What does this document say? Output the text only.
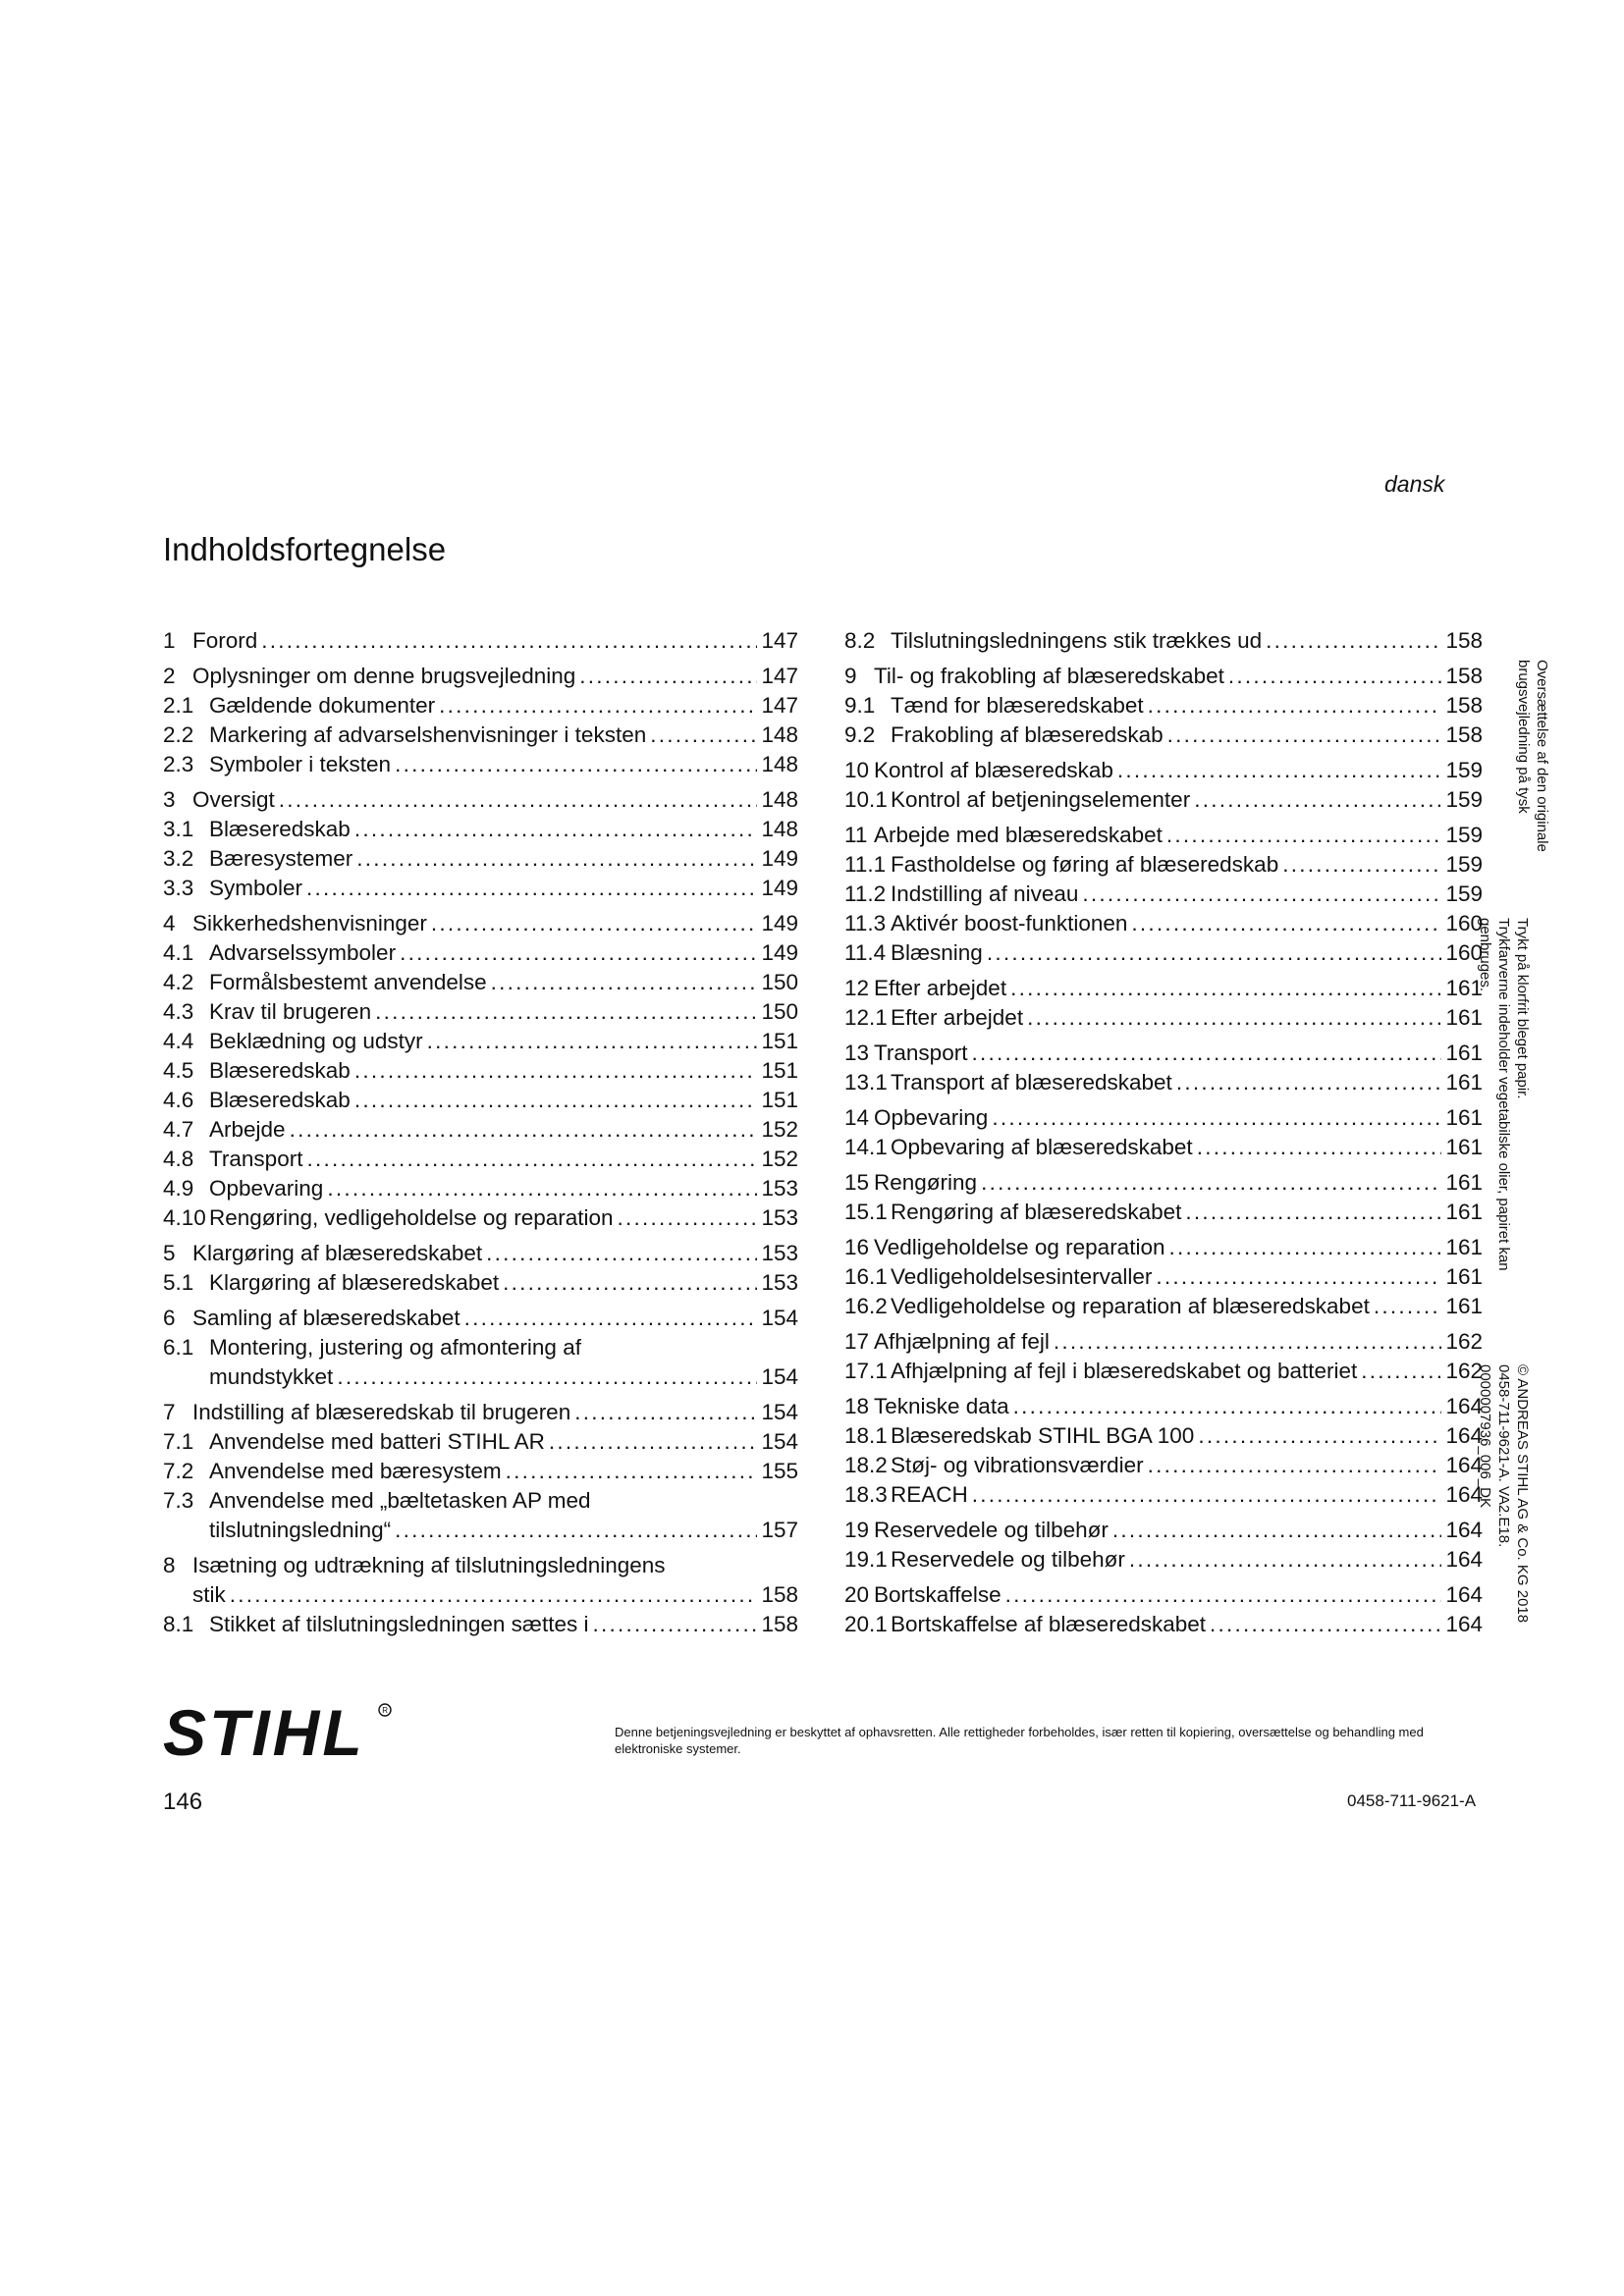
dansk
Indholdsfortegnelse
1 Forord . . .	147
2 Oplysninger om denne brugsvejledning . . .	147
2.1 Gældende dokumenter . . .	147
2.2 Markering af advarselshenvisninger i teksten . . .	148
2.3 Symboler i teksten . . .	148
3 Oversigt . . .	148
3.1 Blæseredskab . . .	148
3.2 Bæresystemer . . .	149
3.3 Symboler . . .	149
4 Sikkerhedshenvisninger . . .	149
4.1 Advarselssymboler . . .	149
4.2 Formålsbestemt anvendelse . . .	150
4.3 Krav til brugeren . . .	150
4.4 Beklædning og udstyr . . .	151
4.5 Blæseredskab . . .	151
4.6 Blæseredskab . . .	151
4.7 Arbejde . . .	152
4.8 Transport . . .	152
4.9 Opbevaring . . .	153
4.10 Rengøring, vedligeholdelse og reparation . . .	153
5 Klargøring af blæseredskabet . . .	153
5.1 Klargøring af blæseredskabet . . .	153
6 Samling af blæseredskabet . . .	154
6.1 Montering, justering og afmontering af
mundstykket . . .	154
7 Indstilling af blæseredskab til brugeren . . .	154
7.1 Anvendelse med batteri STIHL AR . . .	154
7.2 Anvendelse med bæresystem . . .	155
7.3 Anvendelse med „bæltetasken AP med
tilslutningsledning“ . . .	157
8 Isætning og udtrækning af tilslutningsledningens
stik . . .	158
8.1 Stikket af tilslutningsledningen sættes i . . .	158
8.2 Tilslutningsledningens stik trækkes ud . . .	158
9 Til- og frakobling af blæseredskabet . . .	158
9.1 Tænd for blæseredskabet . . .	158
9.2 Frakobling af blæseredskab . . .	158
10 Kontrol af blæseredskab . . .	159
10.1 Kontrol af betjeningselementer . . .	159
11 Arbejde med blæseredskabet . . .	159
11.1 Fastholdelse og føring af blæseredskab . . .	159
11.2 Indstilling af niveau . . .	159
11.3 Aktivér boost-funktionen . . .	160
11.4 Blæsning . . .	160
12 Efter arbejdet . . .	161
12.1 Efter arbejdet . . .	161
13 Transport . . .	161
13.1 Transport af blæseredskabet . . .	161
14 Opbevaring . . .	161
14.1 Opbevaring af blæseredskabet . . .	161
15 Rengøring . . .	161
15.1 Rengøring af blæseredskabet . . .	161
16 Vedligeholdelse og reparation . . .	161
16.1 Vedligeholdelsesintervaller . . .	161
16.2 Vedligeholdelse og reparation af blæseredskabet . . .	161
17 Afhjælpning af fejl . . .	162
17.1 Afhjælpning af fejl i blæseredskabet og batteriet . . .	162
18 Tekniske data . . .	164
18.1 Blæseredskab STIHL BGA 100 . . .	164
18.2 Støj- og vibrationsværdier . . .	164
18.3 REACH . . .	164
19 Reservedele og tilbehør . . .	164
19.1 Reservedele og tilbehør . . .	164
20 Bortskaffelse . . .	164
20.1 Bortskaffelse af blæseredskabet . . .	164
Oversættelse af den originale
brugsvejledning på tysk
Trykt på klorfrit bleget papir.
Trykfarverne indeholder vegetabilske olier, papiret kan
genbruges.
© ANDREAS STIHL AG & Co. KG 2018
0458-711-9621-A. VA2.E18.
0000007936_006_DK
STIHL R
Denne betjeningsvejledning er beskyttet af ophavsretten. Alle rettigheder forbeholdes, især retten til kopiering, oversættelse og behandling med elektroniske systemer.
146	0458-711-9621-A
